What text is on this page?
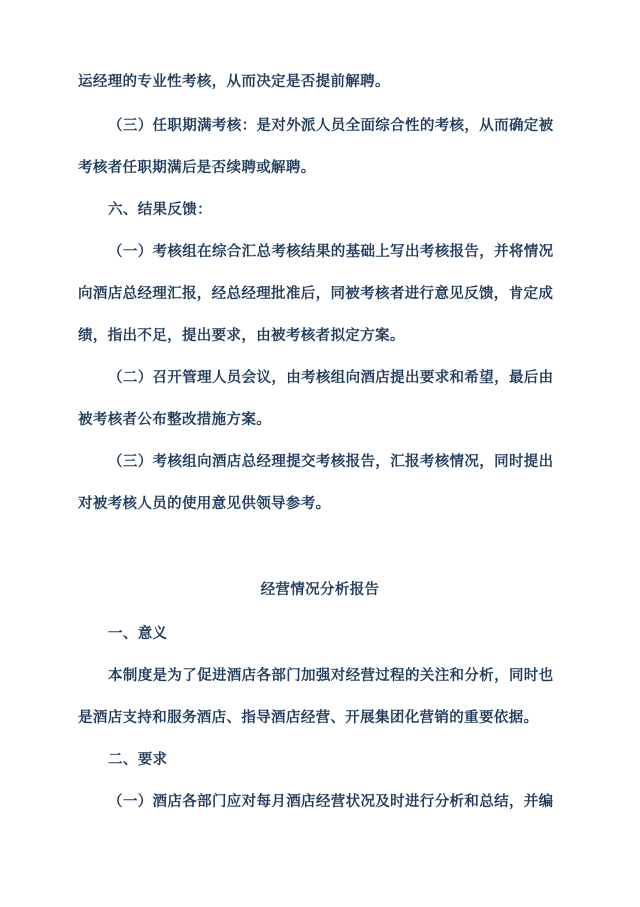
运经理的专业性考核，从而决定是否提前解聘。
（三）任职期满考核：是对外派人员全面综合性的考核，从而确定被
考核者任职期满后是否续聘或解聘。
六、结果反馈：
（一）考核组在综合汇总考核结果的基础上写出考核报告，并将情况
向酒店总经理汇报，经总经理批准后，同被考核者进行意见反馈，肯定成
绩，指出不足，提出要求，由被考核者拟定方案。
（二）召开管理人员会议，由考核组向酒店提出要求和希望，最后由
被考核者公布整改措施方案。
（三）考核组向酒店总经理提交考核报告，汇报考核情况，同时提出
对被考核人员的使用意见供领导参考。
经营情况分析报告
一、意义
本制度是为了促进酒店各部门加强对经营过程的关注和分析，同时也
是酒店支持和服务酒店、指导酒店经营、开展集团化营销的重要依据。
二、要求
（一）酒店各部门应对每月酒店经营状况及时进行分析和总结，并编
